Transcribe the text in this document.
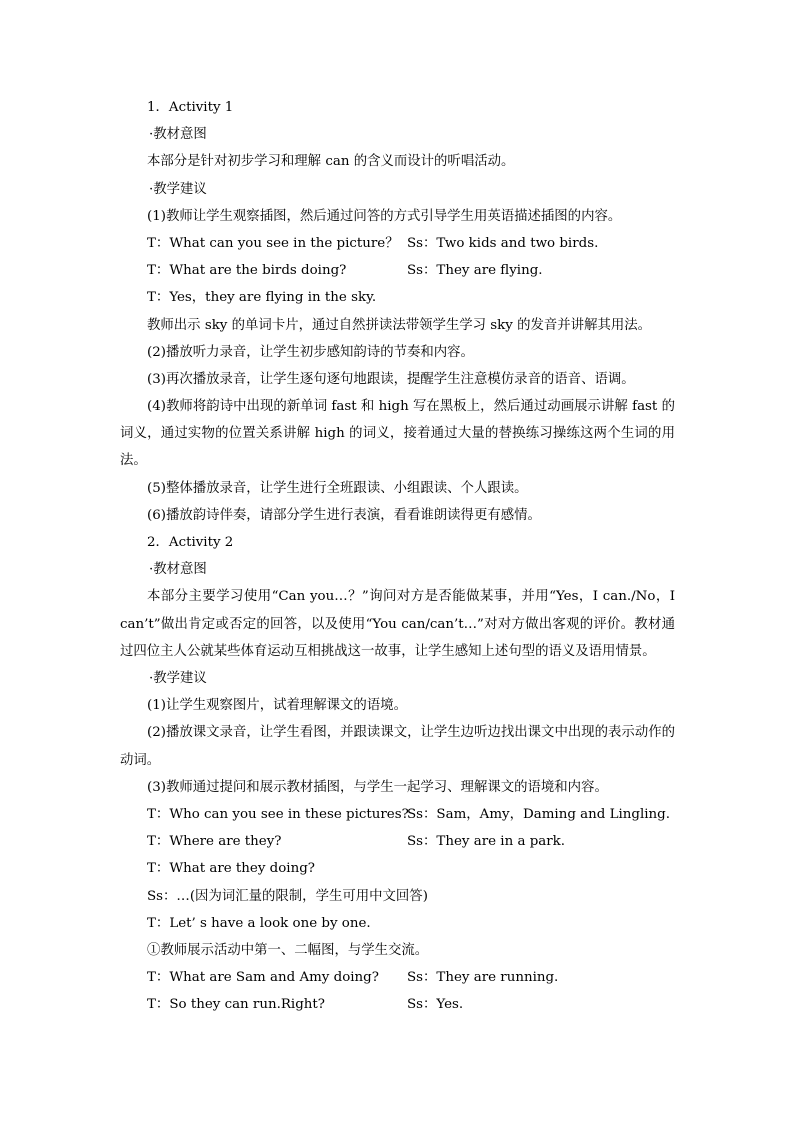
1．Activity 1
·教材意图
本部分是针对初步学习和理解 can 的含义而设计的听唱活动。
·教学建议
(1)教师让学生观察插图，然后通过问答的方式引导学生用英语描述插图的内容。
T：What can you see in the picture？ Ss：Two kids and two birds.
T：What are the birds doing?	Ss：They are flying.
T：Yes，they are flying in the sky.
教师出示 sky 的单词卡片，通过自然拼读法带领学生学习 sky 的发音并讲解其用法。
(2)播放听力录音，让学生初步感知韵诗的节奏和内容。
(3)再次播放录音，让学生逐句逐句地跟读，提醒学生注意模仿录音的语音、语调。
(4)教师将韵诗中出现的新单词 fast 和 high 写在黑板上，然后通过动画展示讲解 fast 的词义，通过实物的位置关系讲解 high 的词义，接着通过大量的替换练习操练这两个生词的用法。
(5)整体播放录音，让学生进行全班跟读、小组跟读、个人跟读。
(6)播放韵诗伴奏，请部分学生进行表演，看看谁朗读得更有感情。
2．Activity 2
·教材意图
本部分主要学习使用“Can you…？”询问对方是否能做某事，并用“Yes，I can./No，I can’t”做出肯定或否定的回答，以及使用“You can/can’t…”对对方做出客观的评价。教材通过四位主人公就某些体育运动互相挑战这一故事，让学生感知上述句型的语义及语用情景。
·教学建议
(1)让学生观察图片，试着理解课文的语境。
(2)播放课文录音，让学生看图，并跟读课文，让学生边听边找出课文中出现的表示动作的动词。
(3)教师通过提问和展示教材插图，与学生一起学习、理解课文的语境和内容。
T：Who can you see in these pictures?
Ss：Sam，Amy，Daming and Lingling.
T：Where are they?	Ss：They are in a park.
T：What are they doing?
Ss：…(因为词汇量的限制，学生可用中文回答)
T：Let’ s have a look one by one.
①教师展示活动中第一、二幅图，与学生交流。
T：What are Sam and Amy doing?	Ss：They are running.
T：So they can run.Right?	Ss：Yes.
